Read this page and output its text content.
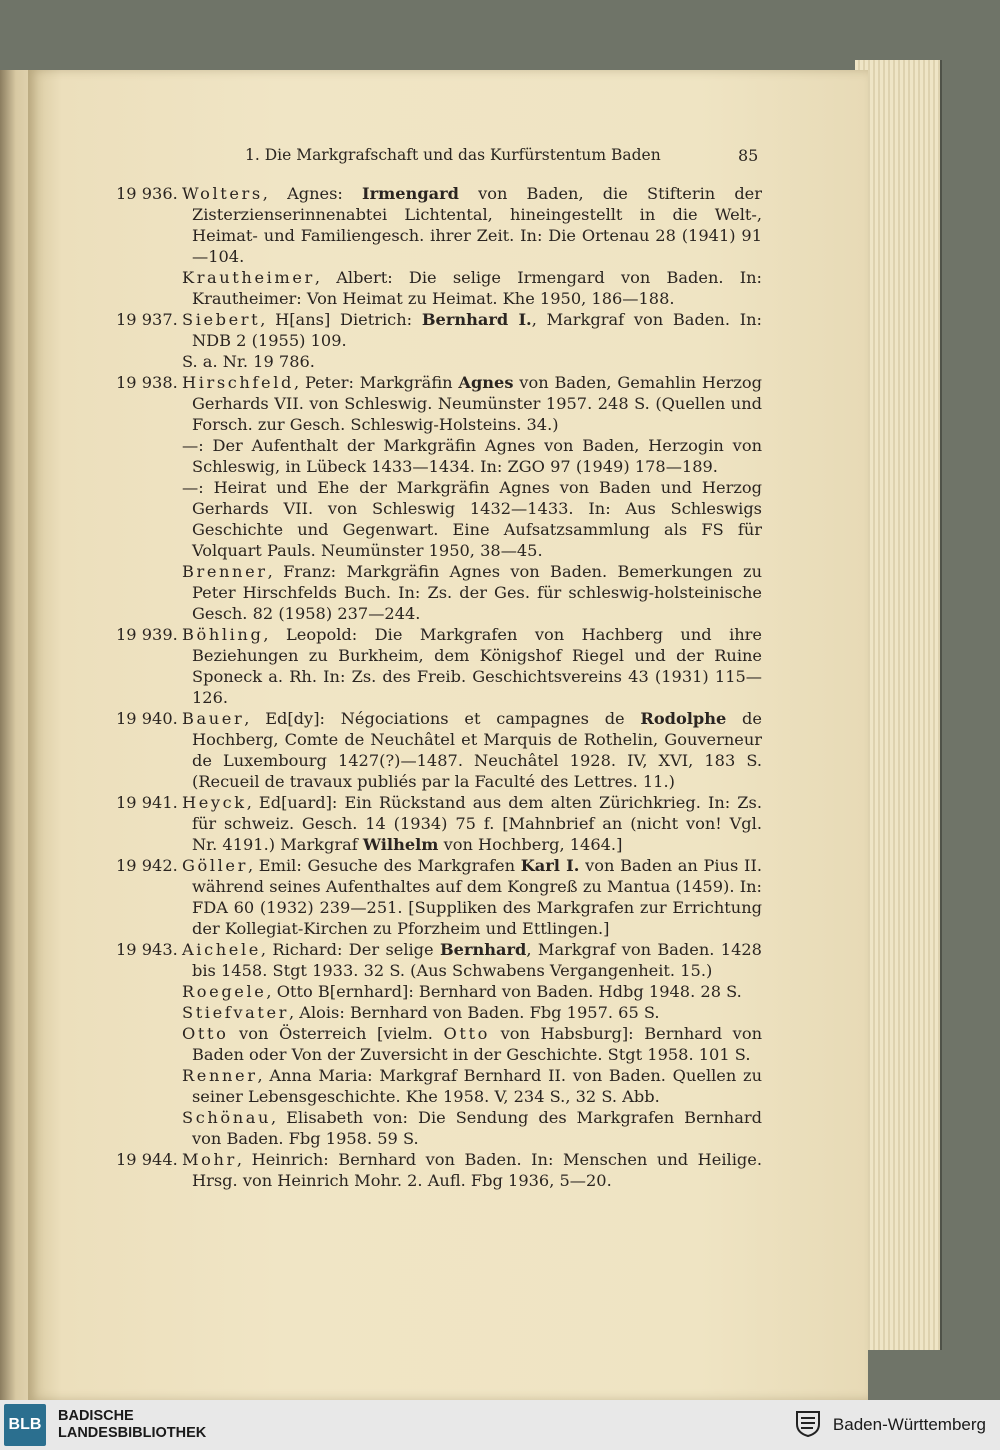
1. Die Markgrafschaft und das Kurfürstentum Baden	85
19 936. Wolters, Agnes: Irmengard von Baden, die Stifterin der Zisterzienserinnenabtei Lichtental, hineingestellt in die Welt-, Heimat- und Familiengesch. ihrer Zeit. In: Die Ortenau 28 (1941) 91—104.

Krautheimer, Albert: Die selige Irmengard von Baden. In: Krautheimer: Von Heimat zu Heimat. Khe 1950, 186—188.

19 937. Siebert, H[ans] Dietrich: Bernhard I., Markgraf von Baden. In: NDB 2 (1955) 109.

S. a. Nr. 19 786.

19 938. Hirschfeld, Peter: Markgräfin Agnes von Baden, Gemahlin Herzog Gerhards VII. von Schleswig. Neumünster 1957. 248 S. (Quellen und Forsch. zur Gesch. Schleswig-Holsteins. 34.)

—: Der Aufenthalt der Markgräfin Agnes von Baden, Herzogin von Schleswig, in Lübeck 1433—1434. In: ZGO 97 (1949) 178—189.

—: Heirat und Ehe der Markgräfin Agnes von Baden und Herzog Gerhards VII. von Schleswig 1432—1433. In: Aus Schleswigs Geschichte und Gegenwart. Eine Aufsatzsammlung als FS für Volquart Pauls. Neumünster 1950, 38—45.

Brenner, Franz: Markgräfin Agnes von Baden. Bemerkungen zu Peter Hirschfelds Buch. In: Zs. der Ges. für schleswig-holsteinische Gesch. 82 (1958) 237—244.

19 939. Böhling, Leopold: Die Markgrafen von Hachberg und ihre Beziehungen zu Burkheim, dem Königshof Riegel und der Ruine Sponeck a. Rh. In: Zs. des Freib. Geschichtsvereins 43 (1931) 115—126.

19 940. Bauer, Ed[dy]: Négociations et campagnes de Rodolphe de Hochberg, Comte de Neuchâtel et Marquis de Rothelin, Gouverneur de Luxembourg 1427(?)—1487. Neuchâtel 1928. IV, XVI, 183 S. (Recueil de travaux publiés par la Faculté des Lettres. 11.)

19 941. Heyck, Ed[uard]: Ein Rückstand aus dem alten Zürichkrieg. In: Zs. für schweiz. Gesch. 14 (1934) 75 f. [Mahnbrief an (nicht von! Vgl. Nr. 4191.) Markgraf Wilhelm von Hochberg, 1464.]

19 942. Göller, Emil: Gesuche des Markgrafen Karl I. von Baden an Pius II. während seines Aufenthaltes auf dem Kongreß zu Mantua (1459). In: FDA 60 (1932) 239—251. [Suppliken des Markgrafen zur Errichtung der Kollegiat-Kirchen zu Pforzheim und Ettlingen.]

19 943. Aichele, Richard: Der selige Bernhard, Markgraf von Baden. 1428 bis 1458. Stgt 1933. 32 S. (Aus Schwabens Vergangenheit. 15.)

Roegele, Otto B[ernhard]: Bernhard von Baden. Hdbg 1948. 28 S.

Stiefvater, Alois: Bernhard von Baden. Fbg 1957. 65 S.

Otto von Österreich [vielm. Otto von Habsburg]: Bernhard von Baden oder Von der Zuversicht in der Geschichte. Stgt 1958. 101 S.

Renner, Anna Maria: Markgraf Bernhard II. von Baden. Quellen zu seiner Lebensgeschichte. Khe 1958. V, 234 S., 32 S. Abb.

Schönau, Elisabeth von: Die Sendung des Markgrafen Bernhard von Baden. Fbg 1958. 59 S.

19 944. Mohr, Heinrich: Bernhard von Baden. In: Menschen und Heilige. Hrsg. von Heinrich Mohr. 2. Aufl. Fbg 1936, 5—20.

BLB	BADISCHE
LANDESBIBLIOTHEK	Baden-Württemberg
